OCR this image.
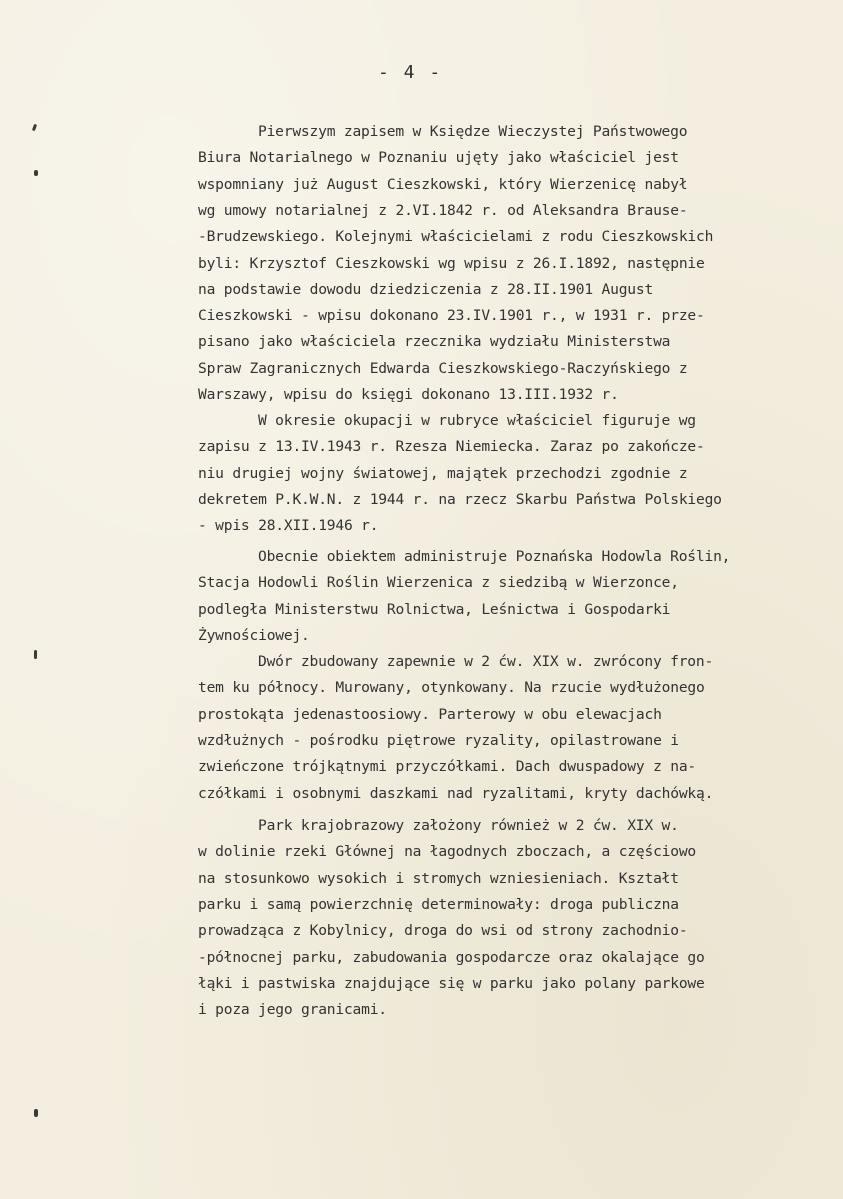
- 4 -
Pierwszym zapisem w Księdze Wieczystej Państwowego
Biura Notarialnego w Poznaniu ujęty jako właściciel jest
wspomniany już August Cieszkowski, który Wierzenicę nabył
wg umowy notarialnej z 2.VI.1842 r. od Aleksandra Brause-
-Brudzewskiego. Kolejnymi właścicielami z rodu Cieszkowskich
byli: Krzysztof Cieszkowski wg wpisu z 26.I.1892, następnie
na podstawie dowodu dziedziczenia z 28.II.1901 August
Cieszkowski - wpisu dokonano 23.IV.1901 r., w 1931 r. prze-
pisano jako właściciela rzecznika wydziału Ministerstwa
Spraw Zagranicznych Edwarda Cieszkowskiego-Raczyńskiego z
Warszawy, wpisu do księgi dokonano 13.III.1932 r.
W okresie okupacji w rubryce właściciel figuruje wg
zapisu z 13.IV.1943 r. Rzesza Niemiecka. Zaraz po zakończe-
niu drugiej wojny światowej, majątek przechodzi zgodnie z
dekretem P.K.W.N. z 1944 r. na rzecz Skarbu Państwa Polskiego
- wpis 28.XII.1946 r.
Obecnie obiektem administruje Poznańska Hodowla Roślin,
Stacja Hodowli Roślin Wierzenica z siedzibą w Wierzonce,
podległa Ministerstwu Rolnictwa, Leśnictwa i Gospodarki
Żywnościowej.
Dwór zbudowany zapewnie w 2 ćw. XIX w. zwrócony fron-
tem ku północy. Murowany, otynkowany. Na rzucie wydłużonego
prostokąta jedenastoosiowy. Parterowy w obu elewacjach
wzdłużnych - pośrodku piętrowe ryzality, opilastrowane i
zwieńczone trójkątnymi przyczółkami. Dach dwuspadowy z na-
czółkami i osobnymi daszkami nad ryzalitami, kryty dachówką.
Park krajobrazowy założony również w 2 ćw. XIX w.
w dolinie rzeki Głównej na łagodnych zboczach, a częściowo
na stosunkowo wysokich i stromych wzniesieniach. Kształt
parku i samą powierzchnię determinowały: droga publiczna
prowadząca z Kobylnicy, droga do wsi od strony zachodnio-
-północnej parku, zabudowania gospodarcze oraz okalające go
łąki i pastwiska znajdujące się w parku jako polany parkowe
i poza jego granicami.
